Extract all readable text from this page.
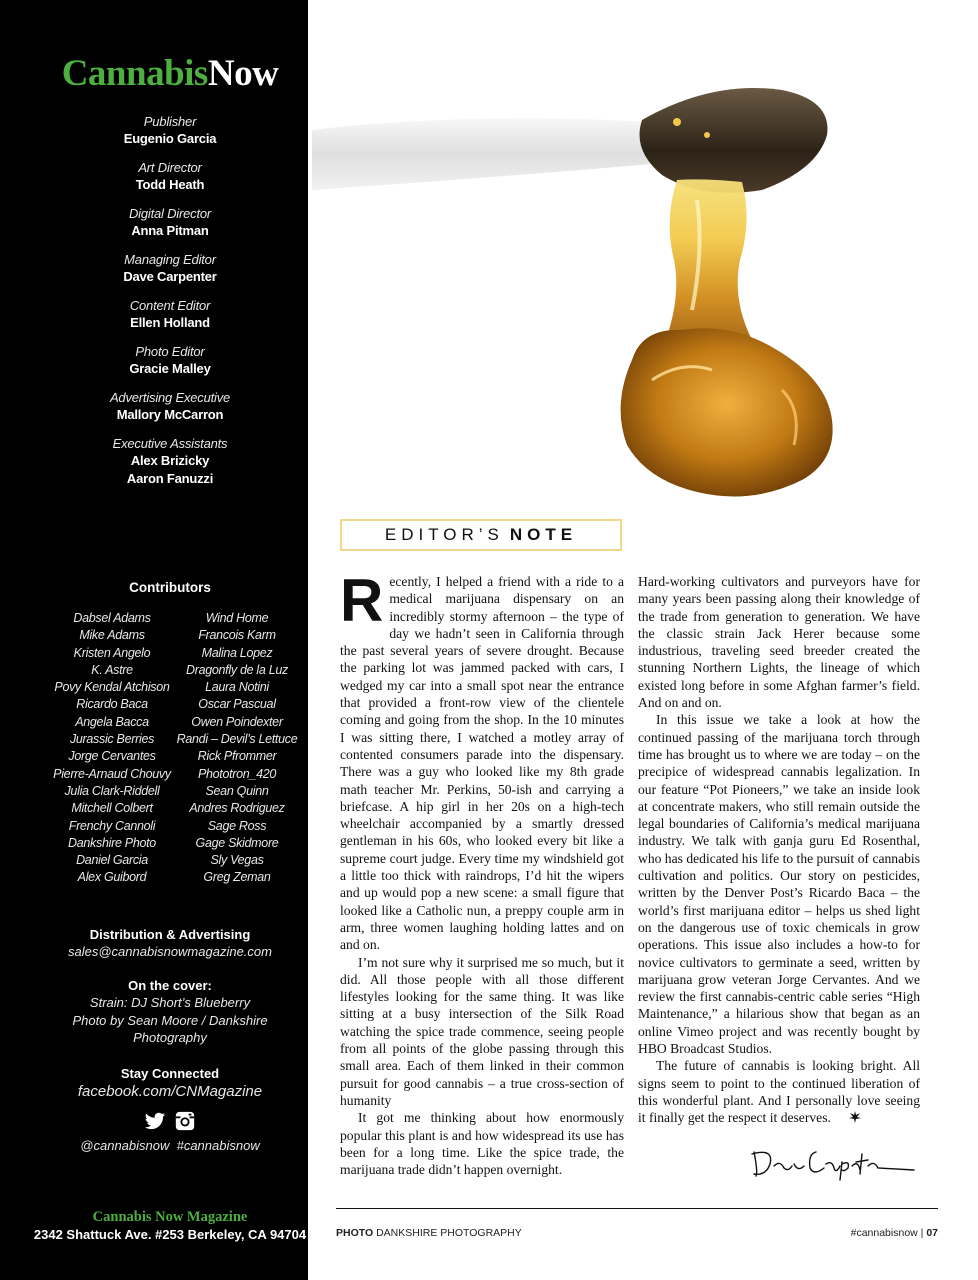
CannabisNow
Publisher
Eugenio Garcia
Art Director
Todd Heath
Digital Director
Anna Pitman
Managing Editor
Dave Carpenter
Content Editor
Ellen Holland
Photo Editor
Gracie Malley
Advertising Executive
Mallory McCarron
Executive Assistants
Alex Brizicky
Aaron Fanuzzi
Contributors
Dabsel Adams
Mike Adams
Kristen Angelo
K. Astre
Povy Kendal Atchison
Ricardo Baca
Angela Bacca
Jurassic Berries
Jorge Cervantes
Pierre-Arnaud Chouvy
Julia Clark-Riddell
Mitchell Colbert
Frenchy Cannoli
Dankshire Photo
Daniel Garcia
Alex Guibord
Wind Home
Francois Karm
Malina Lopez
Dragonfly de la Luz
Laura Notini
Oscar Pascual
Owen Poindexter
Randi – Devil’s Lettuce
Rick Pfrommer
Phototron_420
Sean Quinn
Andres Rodriguez
Sage Ross
Gage Skidmore
Sly Vegas
Greg Zeman
Distribution & Advertising
sales@cannabisnowmagazine.com
On the cover:
Strain: DJ Short’s Blueberry
Photo by Sean Moore / Dankshire
Photography
Stay Connected
facebook.com/CNMagazine
@cannabisnow  #cannabisnow
Cannabis Now Magazine
2342 Shattuck Ave. #253 Berkeley, CA 94704
EDITOR’S NOTE

Recently, I helped a friend with a ride to a medical marijuana dispensary on an incredibly stormy afternoon – the type of day we hadn’t seen in California through the past several years of severe drought. Because the parking lot was jammed packed with cars, I wedged my car into a small spot near the entrance that provided a front-row view of the clientele coming and going from the shop. In the 10 minutes I was sitting there, I watched a motley array of contented consumers parade into the dispensary. There was a guy who looked like my 8th grade math teacher Mr. Perkins, 50-ish and carrying a briefcase. A hip girl in her 20s on a high-tech wheelchair accompanied by a smartly dressed gentleman in his 60s, who looked every bit like a supreme court judge. Every time my windshield got a little too thick with raindrops, I’d hit the wipers and up would pop a new scene: a small figure that looked like a Catholic nun, a preppy couple arm in arm, three women laughing holding lattes and on and on.

I’m not sure why it surprised me so much, but it did. All those people with all those different lifestyles looking for the same thing. It was like sitting at a busy intersection of the Silk Road watching the spice trade commence, seeing people from all points of the globe passing through this small area. Each of them linked in their common pursuit for good cannabis – a true cross-section of humanity

It got me thinking about how enormously popular this plant is and how widespread its use has been for a long time. Like the spice trade, the marijuana trade didn’t happen overnight.

Hard-working cultivators and purveyors have for many years been passing along their knowledge of the trade from generation to generation. We have the classic strain Jack Herer because some industrious, traveling seed breeder created the stunning Northern Lights, the lineage of which existed long before in some Afghan farmer’s field. And on and on.

In this issue we take a look at how the continued passing of the marijuana torch through time has brought us to where we are today – on the precipice of widespread cannabis legalization. In our feature “Pot Pioneers,” we take an inside look at concentrate makers, who still remain outside the legal boundaries of California’s medical marijuana industry. We talk with ganja guru Ed Rosenthal, who has dedicated his life to the pursuit of cannabis cultivation and politics. Our story on pesticides, written by the Denver Post’s Ricardo Baca – the world’s first marijuana editor – helps us shed light on the dangerous use of toxic chemicals in grow operations. This issue also includes a how-to for novice cultivators to germinate a seed, written by marijuana grow veteran Jorge Cervantes. And we review the first cannabis-centric cable series “High Maintenance,” a hilarious show that began as an online Vimeo project and was recently bought by HBO Broadcast Studios.

The future of cannabis is looking bright. All signs seem to point to the continued liberation of this wonderful plant. And I personally love seeing it finally get the respect it deserves.

PHOTO DANKSHIRE PHOTOGRAPHY	#cannabisnow | 07
